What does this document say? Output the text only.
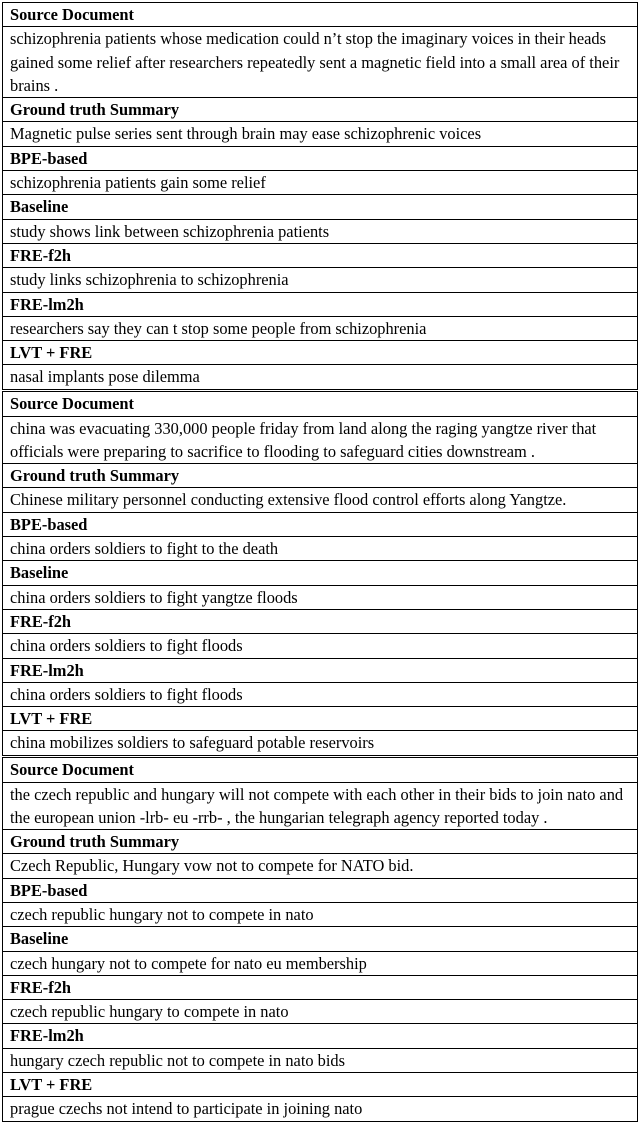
Source Document
schizophrenia patients whose medication could n’t stop the imaginary voices in their heads gained some relief after researchers repeatedly sent a magnetic field into a small area of their brains .
Ground truth Summary
Magnetic pulse series sent through brain may ease schizophrenic voices
BPE-based
schizophrenia patients gain some relief
Baseline
study shows link between schizophrenia patients
FRE-f2h
study links schizophrenia to schizophrenia
FRE-lm2h
researchers say they can t stop some people from schizophrenia
LVT + FRE
nasal implants pose dilemma
Source Document
china was evacuating 330,000 people friday from land along the raging yangtze river that officials were preparing to sacrifice to flooding to safeguard cities downstream .
Ground truth Summary
Chinese military personnel conducting extensive flood control efforts along Yangtze.
BPE-based
china orders soldiers to fight to the death
Baseline
china orders soldiers to fight yangtze floods
FRE-f2h
china orders soldiers to fight floods
FRE-lm2h
china orders soldiers to fight floods
LVT + FRE
china mobilizes soldiers to safeguard potable reservoirs
Source Document
the czech republic and hungary will not compete with each other in their bids to join nato and the european union -lrb- eu -rrb- , the hungarian telegraph agency reported today .
Ground truth Summary
Czech Republic, Hungary vow not to compete for NATO bid.
BPE-based
czech republic hungary not to compete in nato
Baseline
czech hungary not to compete for nato eu membership
FRE-f2h
czech republic hungary to compete in nato
FRE-lm2h
hungary czech republic not to compete in nato bids
LVT + FRE
prague czechs not intend to participate in joining nato
